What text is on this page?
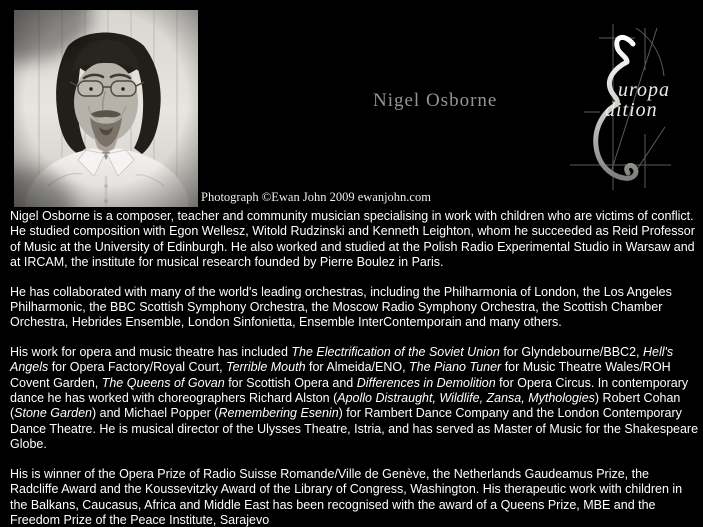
Photograph ©Ewan John 2009 ewanjohn.com
Nigel Osborne	uropa
dition

Nigel Osborne is a composer, teacher and community musician specialising in work with children who are victims of conflict. He studied composition with Egon Wellesz, Witold Rudzinski and Kenneth Leighton, whom he succeeded as Reid Professor of Music at the University of Edinburgh. He also worked and studied at the Polish Radio Experimental Studio in Warsaw and at IRCAM, the institute for musical research founded by Pierre Boulez in Paris.

He has collaborated with many of the world's leading orchestras, including the Philharmonia of London, the Los Angeles Philharmonic, the BBC Scottish Symphony Orchestra, the Moscow Radio Symphony Orchestra, the Scottish Chamber Orchestra, Hebrides Ensemble, London Sinfonietta, Ensemble InterContemporain and many others.

His work for opera and music theatre has included The Electrification of the Soviet Union for Glyndebourne/BBC2, Hell's Angels for Opera Factory/Royal Court, Terrible Mouth for Almeida/ENO, The Piano Tuner for Music Theatre Wales/ROH Covent Garden, The Queens of Govan for Scottish Opera and Differences in Demolition for Opera Circus. In contemporary dance he has worked with choreographers Richard Alston (Apollo Distraught, Wildlife, Zansa, Mythologies) Robert Cohan (Stone Garden) and Michael Popper (Remembering Esenin) for Rambert Dance Company and the London Contemporary Dance Theatre. He is musical director of the Ulysses Theatre, Istria, and has served as Master of Music for the Shakespeare Globe.

His is winner of the Opera Prize of Radio Suisse Romande/Ville de Genève, the Netherlands Gaudeamus Prize, the Radcliffe Award and the Koussevitzky Award of the Library of Congress, Washington. His therapeutic work with children in the Balkans, Caucasus, Africa and Middle East has been recognised with the award of a Queens Prize, MBE and the Freedom Prize of the Peace Institute, Sarajevo
